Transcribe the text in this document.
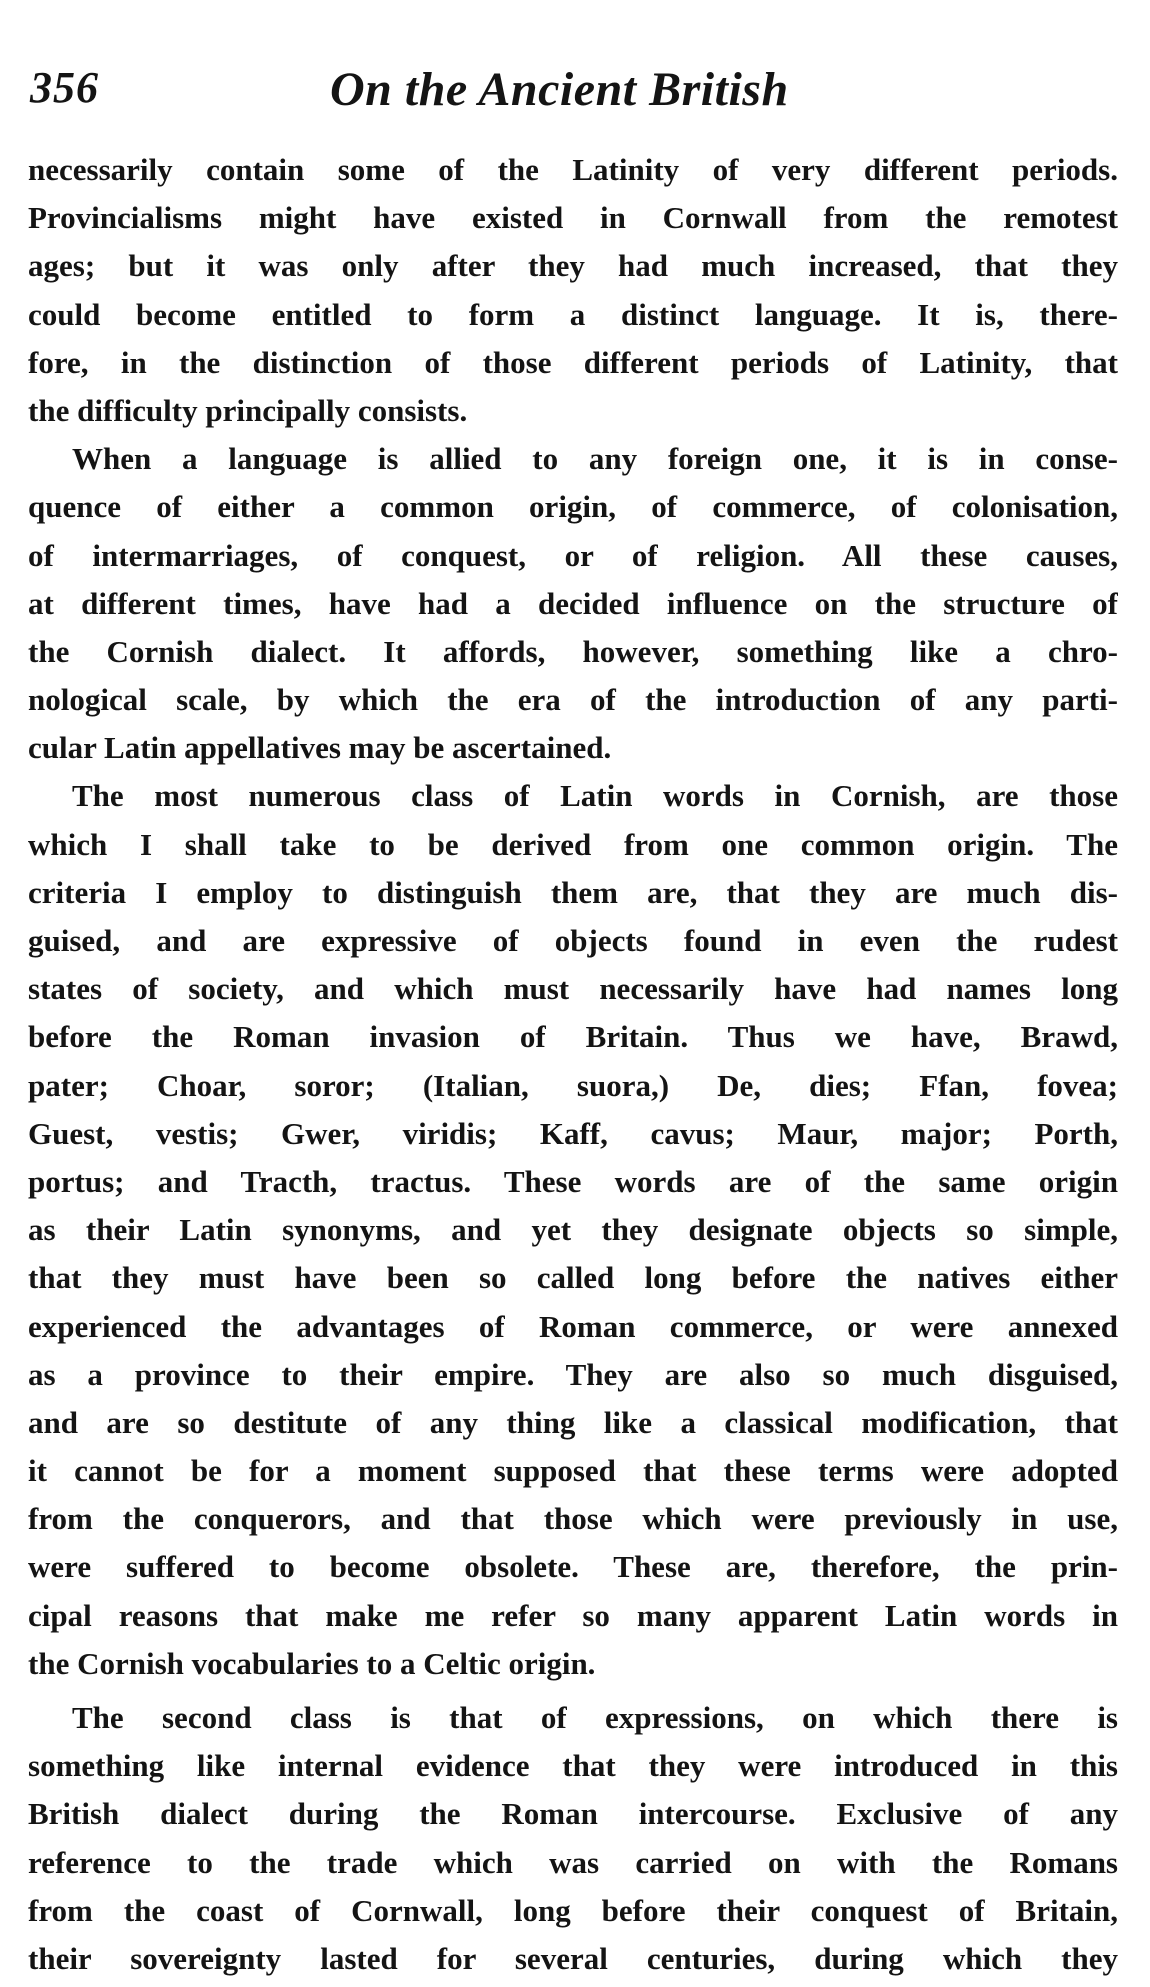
356	On the Ancient British
necessarily contain some of the Latinity of very different periods.
Provincialisms might have existed in Cornwall from the remotest
ages; but it was only after they had much increased, that they
could become entitled to form a distinct language. It is, there-
fore, in the distinction of those different periods of Latinity, that
the difficulty principally consists.
When a language is allied to any foreign one, it is in conse-
quence of either a common origin, of commerce, of colonisation,
of intermarriages, of conquest, or of religion. All these causes,
at different times, have had a decided influence on the structure of
the Cornish dialect. It affords, however, something like a chro-
nological scale, by which the era of the introduction of any parti-
cular Latin appellatives may be ascertained.
The most numerous class of Latin words in Cornish, are those
which I shall take to be derived from one common origin. The
criteria I employ to distinguish them are, that they are much dis-
guised, and are expressive of objects found in even the rudest
states of society, and which must necessarily have had names long
before the Roman invasion of Britain. Thus we have, Brawd,
pater; Choar, soror; (Italian, suora,) De, dies; Ffan, fovea;
Guest, vestis; Gwer, viridis; Kaff, cavus; Maur, major; Porth,
portus; and Tracth, tractus. These words are of the same origin
as their Latin synonyms, and yet they designate objects so simple,
that they must have been so called long before the natives either
experienced the advantages of Roman commerce, or were annexed
as a province to their empire. They are also so much disguised,
and are so destitute of any thing like a classical modification, that
it cannot be for a moment supposed that these terms were adopted
from the conquerors, and that those which were previously in use,
were suffered to become obsolete. These are, therefore, the prin-
cipal reasons that make me refer so many apparent Latin words in
the Cornish vocabularies to a Celtic origin.
The second class is that of expressions, on which there is
something like internal evidence that they were introduced in this
British dialect during the Roman intercourse. Exclusive of any
reference to the trade which was carried on with the Romans
from the coast of Cornwall, long before their conquest of Britain,
their sovereignty lasted for several centuries, during which they
